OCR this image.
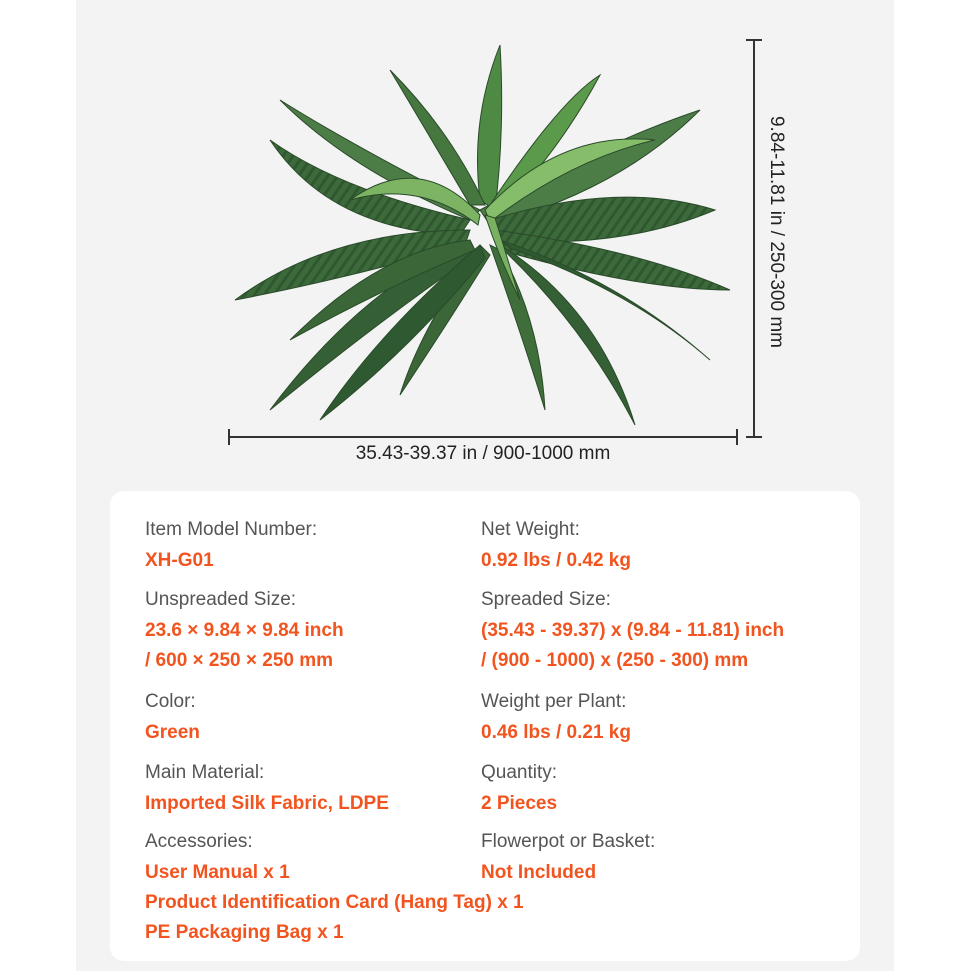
35.43-39.37 in / 900-1000 mm
9.84-11.81 in / 250-300 mm
Item Model Number:
XH-G01
Unspreaded Size:
23.6 × 9.84 × 9.84 inch
/ 600 × 250 × 250 mm
Color:
Green
Main Material:
Imported Silk Fabric, LDPE
Accessories:
User Manual x 1
Product Identification Card (Hang Tag) x 1
PE Packaging Bag x 1
Net Weight:
0.92 lbs / 0.42 kg
Spreaded Size:
(35.43 - 39.37) x (9.84 - 11.81) inch
/ (900 - 1000) x (250 - 300) mm
Weight per Plant:
0.46 lbs / 0.21 kg
Quantity:
2 Pieces
Flowerpot or Basket:
Not Included
